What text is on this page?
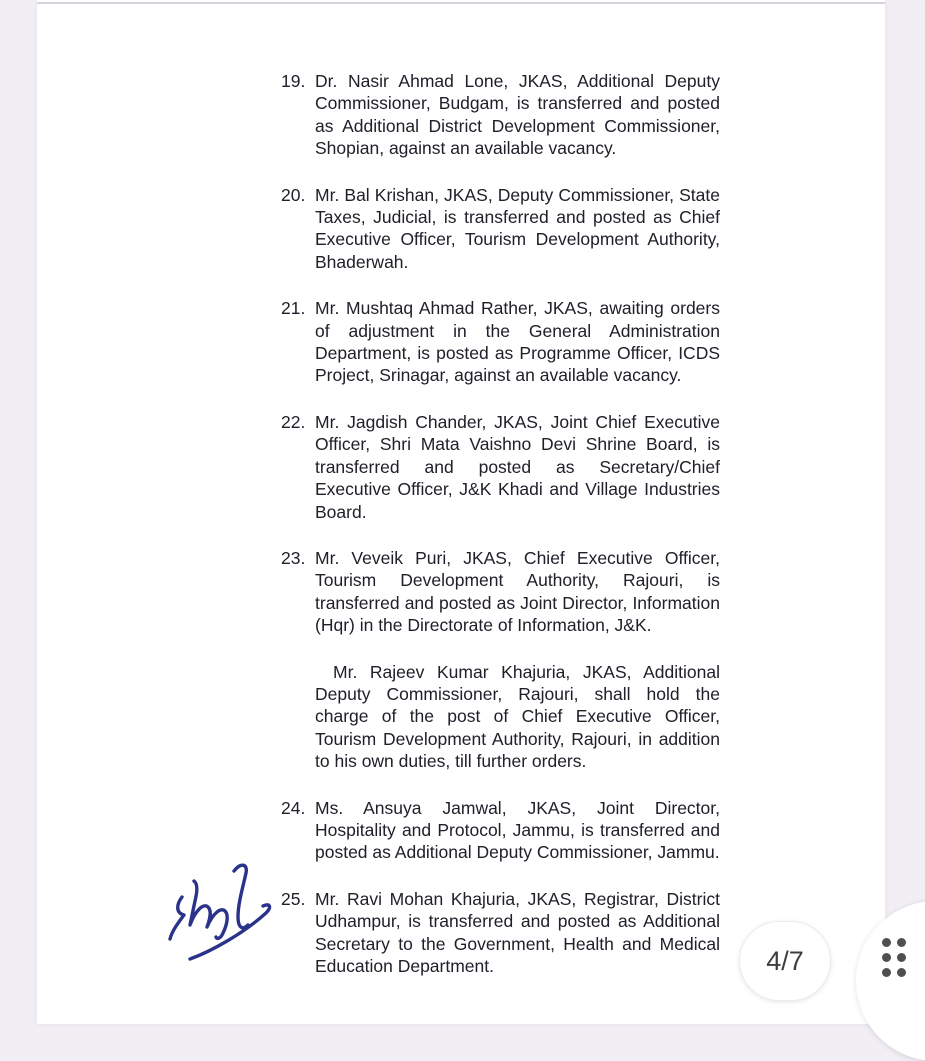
19. Dr. Nasir Ahmad Lone, JKAS, Additional Deputy Commissioner, Budgam, is transferred and posted as Additional District Development Commissioner, Shopian, against an available vacancy.
20. Mr. Bal Krishan, JKAS, Deputy Commissioner, State Taxes, Judicial, is transferred and posted as Chief Executive Officer, Tourism Development Authority, Bhaderwah.
21. Mr. Mushtaq Ahmad Rather, JKAS, awaiting orders of adjustment in the General Administration Department, is posted as Programme Officer, ICDS Project, Srinagar, against an available vacancy.
22. Mr. Jagdish Chander, JKAS, Joint Chief Executive Officer, Shri Mata Vaishno Devi Shrine Board, is transferred and posted as Secretary/Chief Executive Officer, J&K Khadi and Village Industries Board.
23. Mr. Veveik Puri, JKAS, Chief Executive Officer, Tourism Development Authority, Rajouri, is transferred and posted as Joint Director, Information (Hqr) in the Directorate of Information, J&K.
Mr. Rajeev Kumar Khajuria, JKAS, Additional Deputy Commissioner, Rajouri, shall hold the charge of the post of Chief Executive Officer, Tourism Development Authority, Rajouri, in addition to his own duties, till further orders.
24. Ms. Ansuya Jamwal, JKAS, Joint Director, Hospitality and Protocol, Jammu, is transferred and posted as Additional Deputy Commissioner, Jammu.
25. Mr. Ravi Mohan Khajuria, JKAS, Registrar, District Udhampur, is transferred and posted as Additional Secretary to the Government, Health and Medical Education Department.	4/7
